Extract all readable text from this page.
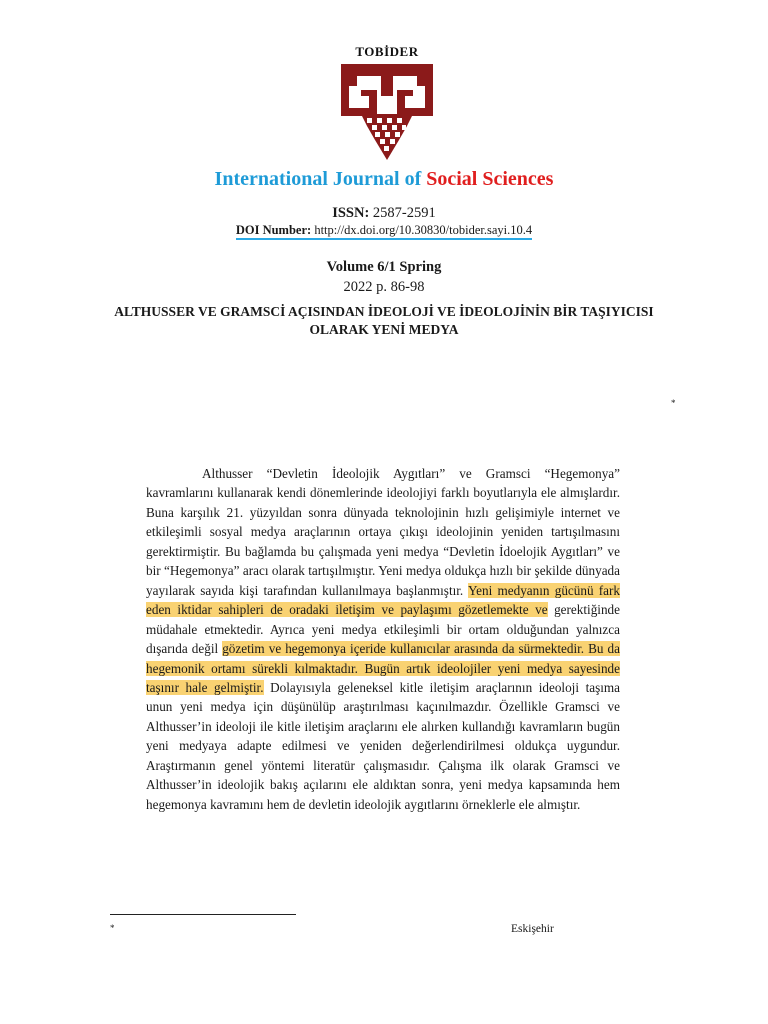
TOBİDER
International Journal of Social Sciences
ISSN: 2587-2591
DOI Number: http://dx.doi.org/10.30830/tobider.sayi.10.4
Volume 6/1 Spring
2022 p. 86-98
ALTHUSSER VE GRAMSCİ AÇISINDAN İDEOLOJİ VE İDEOLOJİNİN BİR TAŞIYICISI OLARAK YENİ MEDYA
*

Althusser “Devletin İdeolojik Aygıtları” ve Gramsci “Hegemonya” kavramlarını kullanarak kendi dönemlerinde ideolojiyi farklı boyutlarıyla ele almışlardır. Buna karşılık 21. yüzyıldan sonra dünyada teknolojinin hızlı gelişimiyle internet ve etkileşimli sosyal medya araçlarının ortaya çıkışı ideolojinin yeniden tartışılmasını gerektirmiştir. Bu bağlamda bu çalışmada yeni medya “Devletin İdoelojik Aygıtları” ve bir “Hegemonya” aracı olarak tartışılmıştır. Yeni medya oldukça hızlı bir şekilde dünyada yayılarak sayıda kişi tarafından kullanılmaya başlanmıştır. Yeni medyanın gücünü fark eden iktidar sahipleri de oradaki iletişim ve paylaşımı gözetlemekte ve gerektiğinde müdahale etmektedir. Ayrıca yeni medya etkileşimli bir ortam olduğundan yalnızca dışarıda değil gözetim ve hegemonya içeride kullanıcılar arasında da sürmektedir. Bu da hegemonik ortamı sürekli kılmaktadır. Bugün artık ideolojiler yeni medya sayesinde taşınır hale gelmiştir. Dolayısıyla geleneksel kitle iletişim araçlarının ideoloji taşıma unun yeni medya için düşünülüp araştırılması kaçınılmazdır. Özellikle Gramsci ve Althusser’in ideoloji ile kitle iletişim araçlarını ele alırken kullandığı kavramların bugün yeni medyaya adapte edilmesi ve yeniden değerlendirilmesi oldukça uygundur. Araştırmanın genel yöntemi literatür çalışmasıdır. Çalışma ilk olarak Gramsci ve Althusser’in ideolojik bakış açılarını ele aldıktan sonra, yeni medya kapsamında hem hegemonya kavramını hem de devletin ideolojik aygıtlarını örneklerle ele almıştır.

*	Eskişehir
